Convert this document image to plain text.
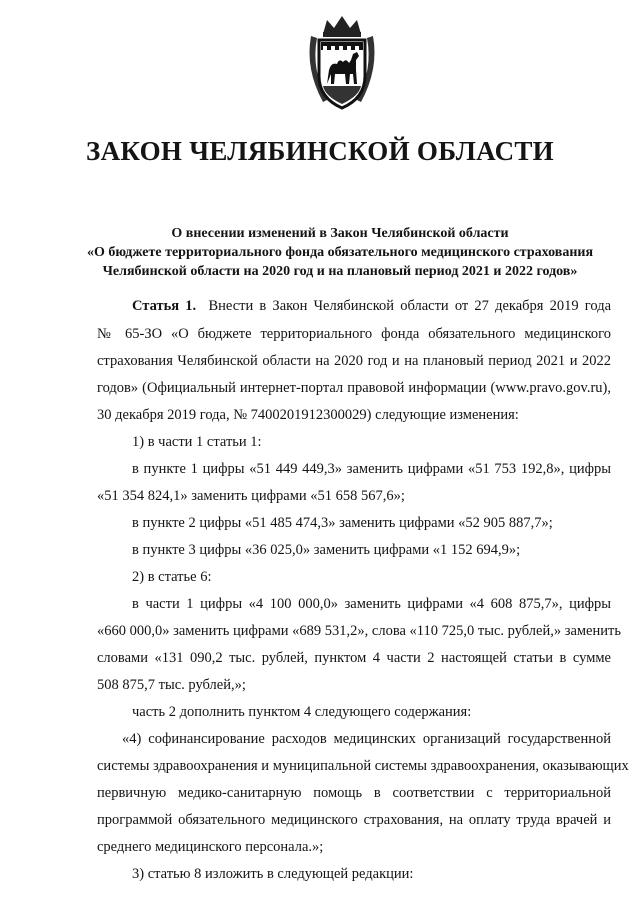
ЗАКОН ЧЕЛЯБИНСКОЙ ОБЛАСТИ
О внесении изменений в Закон Челябинской области
«О бюджете территориального фонда обязательного медицинского страхования
Челябинской области на 2020 год и на плановый период 2021 и 2022 годов»
Статья 1. Внести в Закон Челябинской области от 27 декабря 2019 года
№ 65-ЗО «О бюджете территориального фонда обязательного медицинского
страхования Челябинской области на 2020 год и на плановый период 2021 и 2022
годов» (Официальный интернет-портал правовой информации (www.pravo.gov.ru),
30 декабря 2019 года, № 7400201912300029) следующие изменения:
1) в части 1 статьи 1:
в пункте 1 цифры «51 449 449,3» заменить цифрами «51 753 192,8», цифры
«51 354 824,1» заменить цифрами «51 658 567,6»;
в пункте 2 цифры «51 485 474,3» заменить цифрами «52 905 887,7»;
в пункте 3 цифры «36 025,0» заменить цифрами «1 152 694,9»;
2) в статье 6:
в части 1 цифры «4 100 000,0» заменить цифрами «4 608 875,7», цифры
«660 000,0» заменить цифрами «689 531,2», слова «110 725,0 тыс. рублей,» заменить
словами «131 090,2 тыс. рублей, пунктом 4 части 2 настоящей статьи в сумме
508 875,7 тыс. рублей,»;
часть 2 дополнить пунктом 4 следующего содержания:
«4) софинансирование расходов медицинских организаций государственной
системы здравоохранения и муниципальной системы здравоохранения, оказывающих
первичную медико-санитарную помощь в соответствии с территориальной
программой обязательного медицинского страхования, на оплату труда врачей и
среднего медицинского персонала.»;
3) статью 8 изложить в следующей редакции:
